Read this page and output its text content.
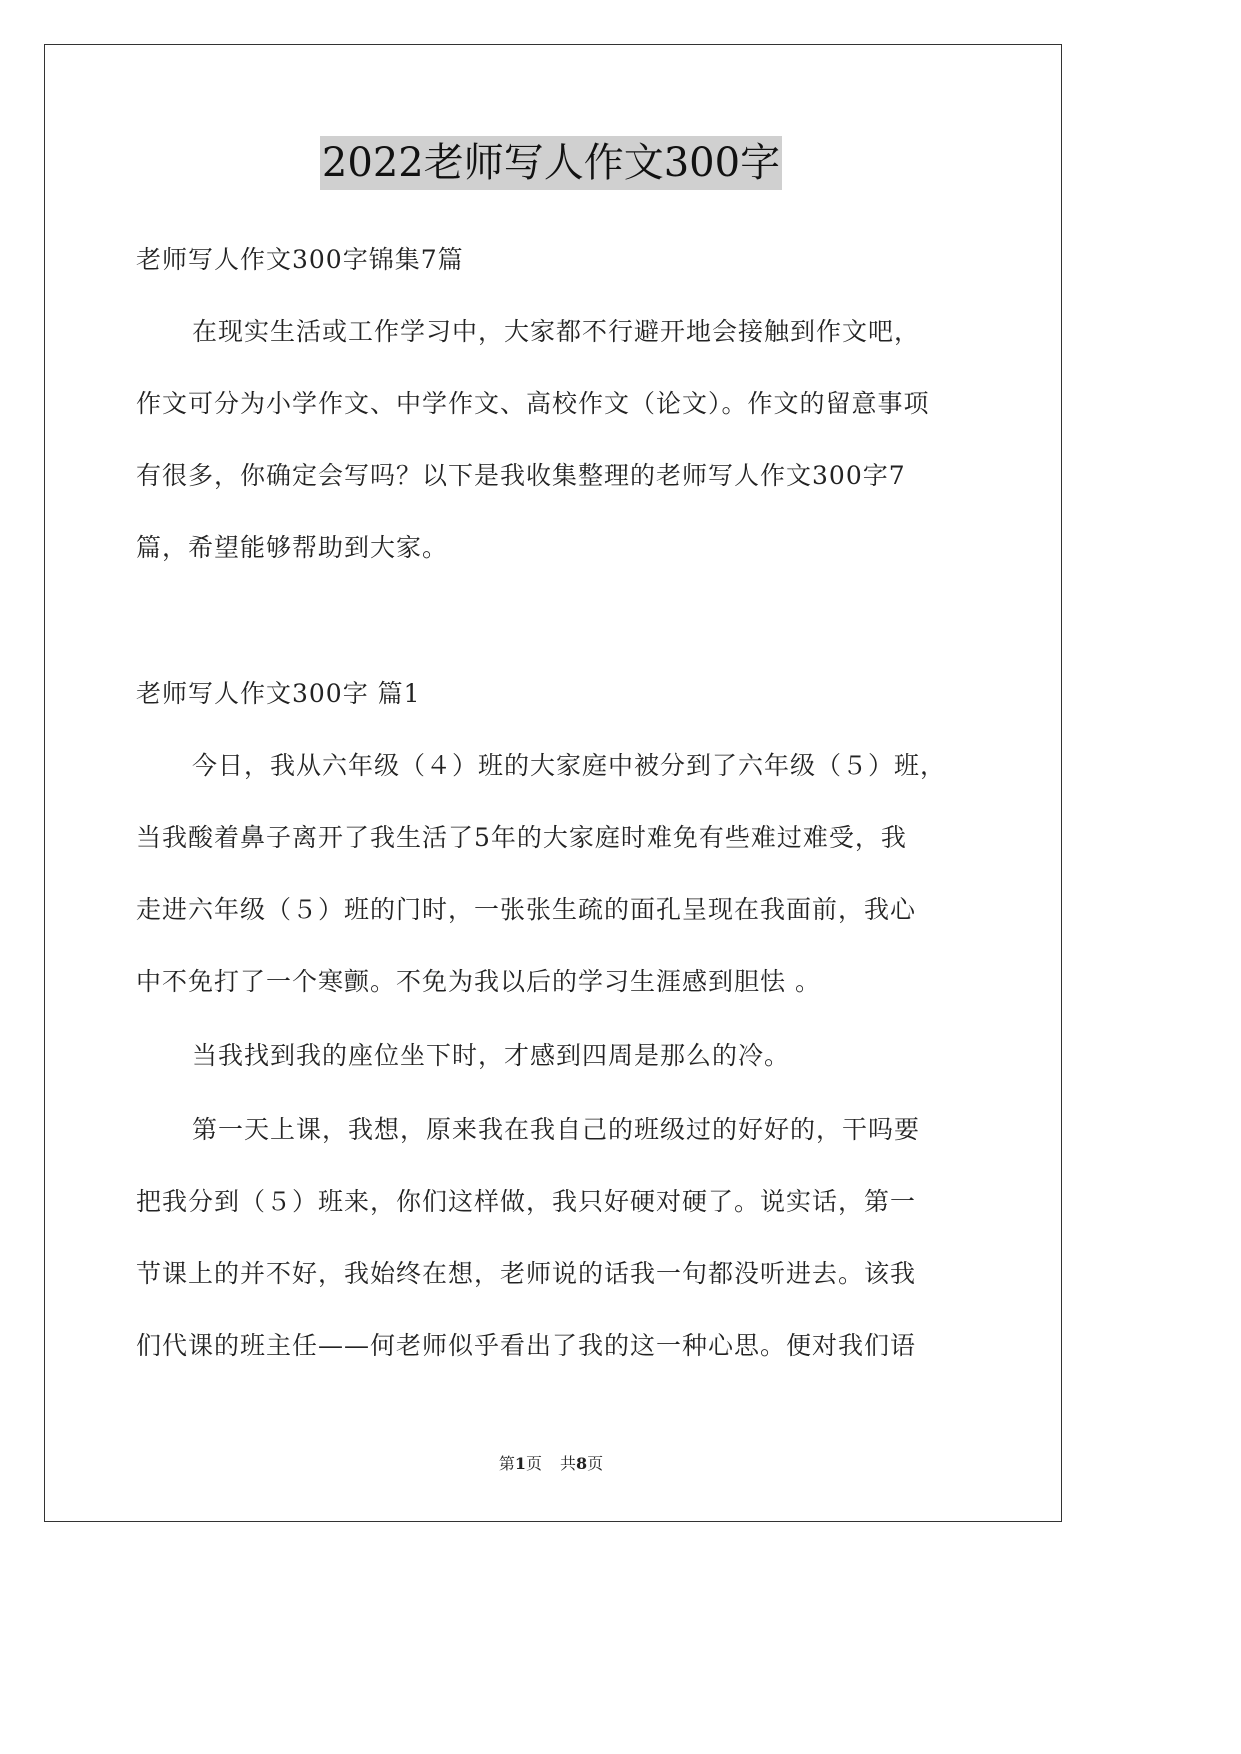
2022老师写人作文300字
老师写人作文300字锦集7篇
在现实生活或工作学习中，大家都不行避开地会接触到作文吧，
作文可分为小学作文、中学作文、高校作文（论文）。作文的留意事项
有很多，你确定会写吗？以下是我收集整理的老师写人作文300字7
篇，希望能够帮助到大家。
老师写人作文300字 篇1
今日，我从六年级（４）班的大家庭中被分到了六年级（５）班，
当我酸着鼻子离开了我生活了5年的大家庭时难免有些难过难受，我
走进六年级（５）班的门时，一张张生疏的面孔呈现在我面前，我心
中不免打了一个寒颤。不免为我以后的学习生涯感到胆怯 。
当我找到我的座位坐下时，才感到四周是那么的冷。
第一天上课，我想，原来我在我自己的班级过的好好的，干吗要
把我分到（５）班来，你们这样做，我只好硬对硬了。说实话，第一
节课上的并不好，我始终在想，老师说的话我一句都没听进去。该我
们代课的班主任——何老师似乎看出了我的这一种心思。便对我们语
第1页 共8页
